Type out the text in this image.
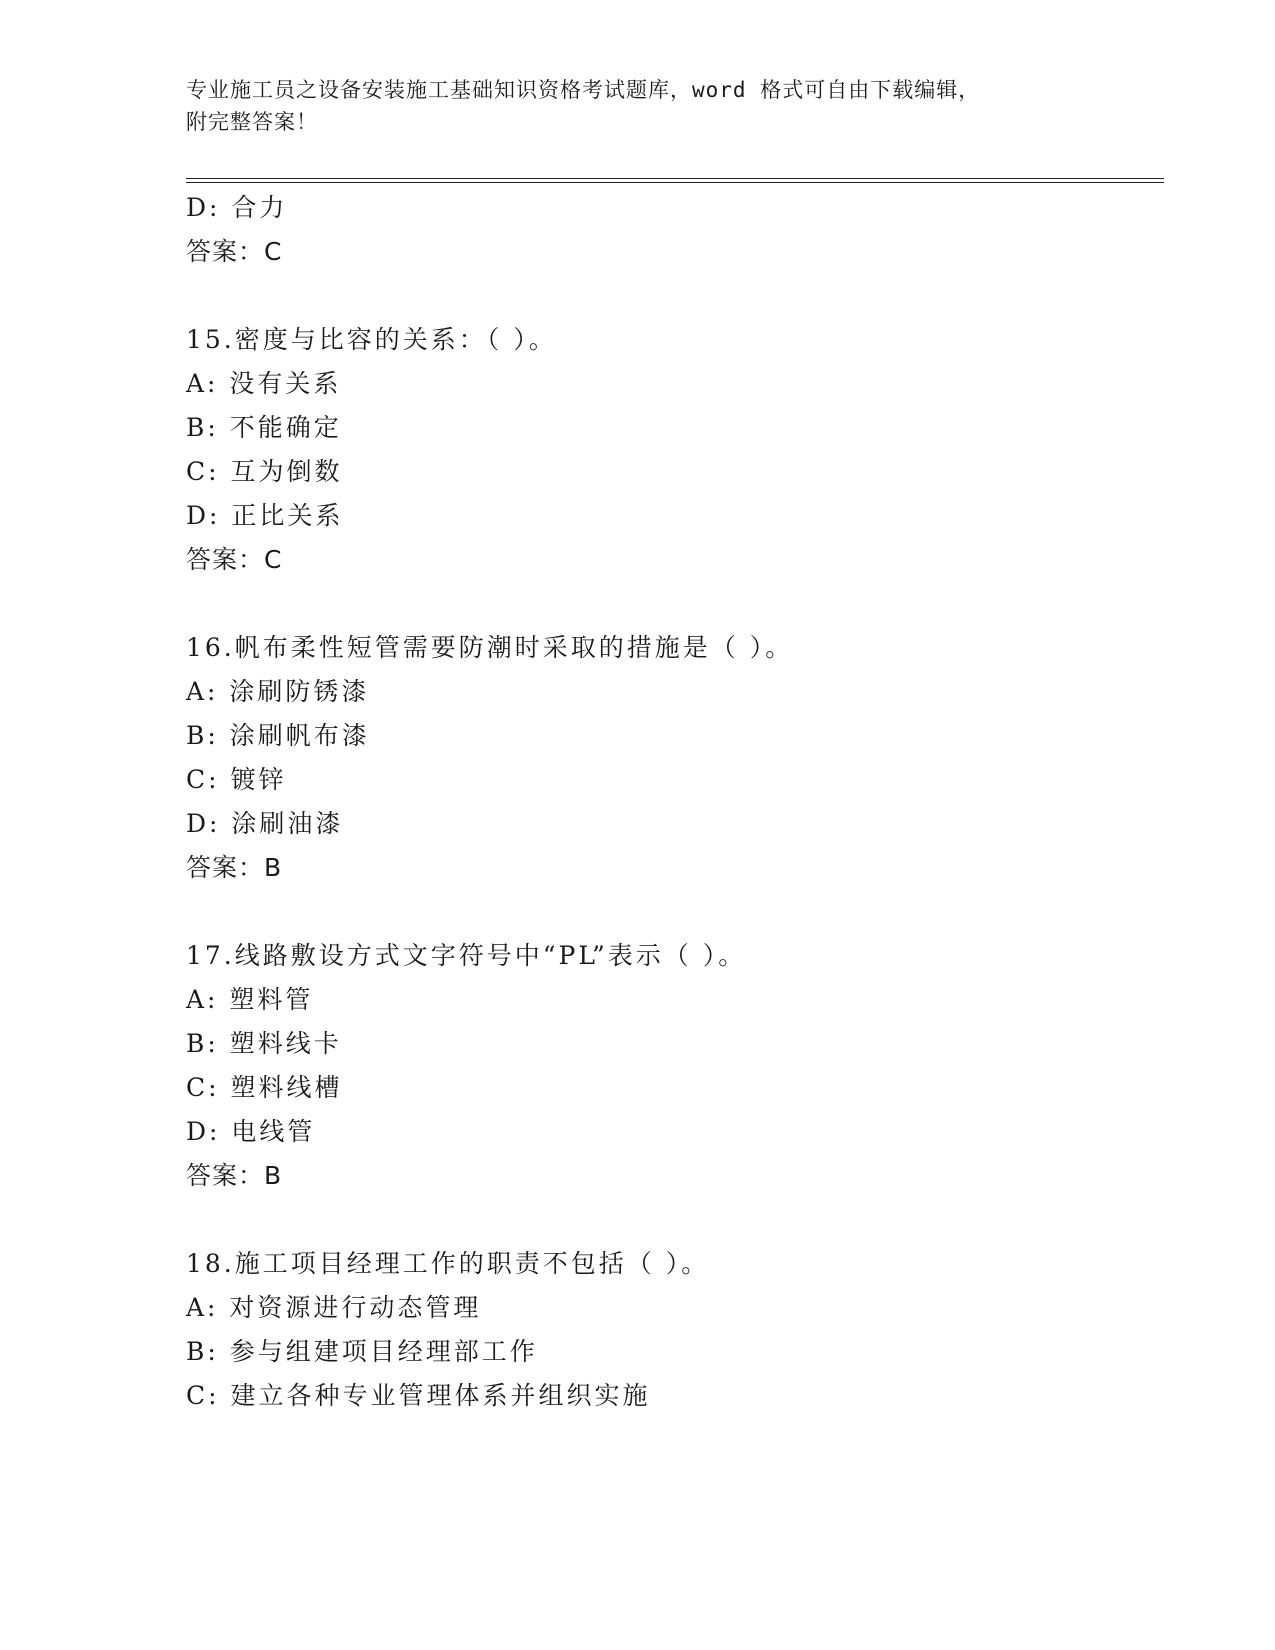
专业施工员之设备安装施工基础知识资格考试题库，word 格式可自由下载编辑，
附完整答案！
D: 合力
答案：C
15.密度与比容的关系：（ ）。
A: 没有关系
B: 不能确定
C: 互为倒数
D: 正比关系
答案：C
16.帆布柔性短管需要防潮时采取的措施是（ ）。
A: 涂刷防锈漆
B: 涂刷帆布漆
C: 镀锌
D: 涂刷油漆
答案：B
17.线路敷设方式文字符号中“PL”表示（ ）。
A: 塑料管
B: 塑料线卡
C: 塑料线槽
D: 电线管
答案：B
18.施工项目经理工作的职责不包括（ ）。
A: 对资源进行动态管理
B: 参与组建项目经理部工作
C: 建立各种专业管理体系并组织实施
